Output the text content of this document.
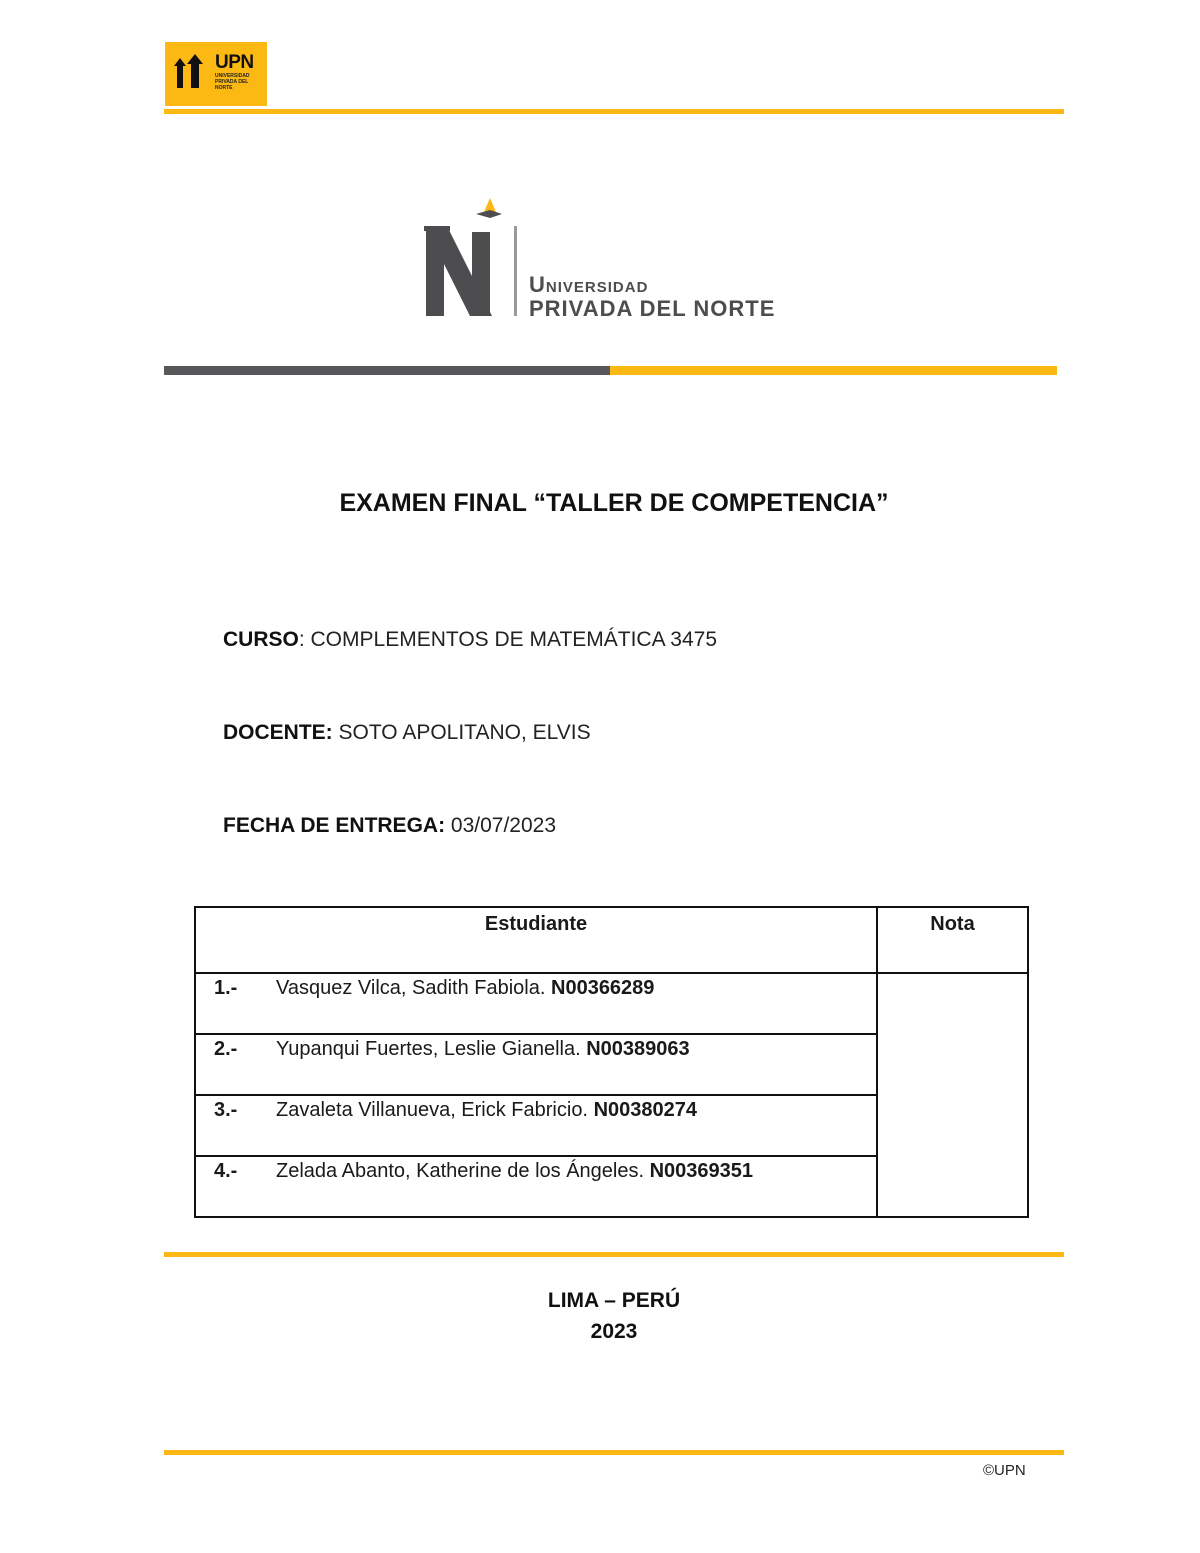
UPN
UNIVERSIDAD PRIVADA DEL NORTE
Universidad
PRIVADA DEL NORTE
EXAMEN FINAL “TALLER DE COMPETENCIA”
CURSO: COMPLEMENTOS DE MATEMÁTICA 3475
DOCENTE: SOTO APOLITANO, ELVIS
FECHA DE ENTREGA: 03/07/2023
Estudiante	Nota

1.- Vasquez Vilca, Sadith Fabiola. N00366289	

2.- Yupanqui Fuertes, Leslie Gianella. N00389063	

3.- Zavaleta Villanueva, Erick Fabricio. N00380274	

4.- Zelada Abanto, Katherine de los Ángeles. N00369351	
LIMA – PERÚ
2023
©UPN
